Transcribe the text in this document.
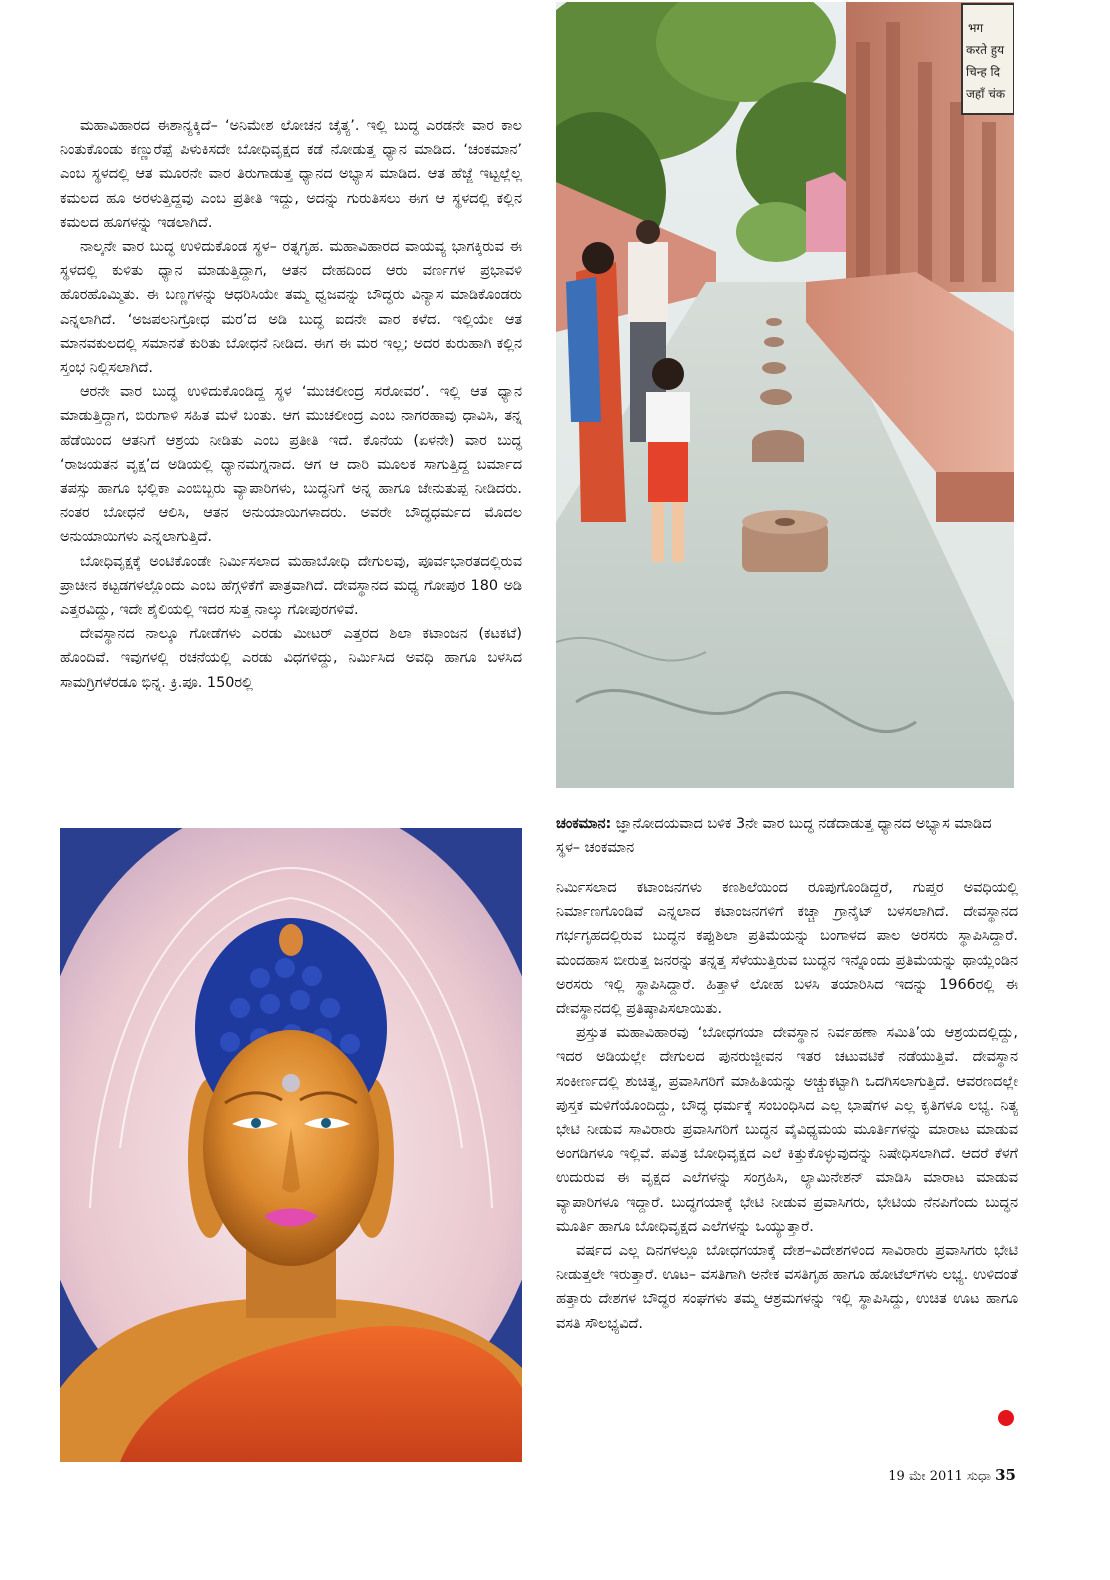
ಮಹಾವಿಹಾರದ ಈಶಾನ್ಯಕ್ಕಿದೆ– ‘ಅನಿಮೇಶ ಲೋಚನ ಚೈತ್ಯ’. ಇಲ್ಲಿ ಬುದ್ಧ ಎರಡನೇ ವಾರ ಕಾಲ ನಿಂತುಕೊಂಡು ಕಣ್ಣುರೆಪ್ಪೆ ಪಿಳುಕಿಸದೇ ಬೋಧಿವೃಕ್ಷದ ಕಡೆ ನೋಡುತ್ತ ಧ್ಯಾನ ಮಾಡಿದ. ‘ಚಂಕಮಾನ’ ಎಂಬ ಸ್ಥಳದಲ್ಲಿ ಆತ ಮೂರನೇ ವಾರ ತಿರುಗಾಡುತ್ತ ಧ್ಯಾನದ ಅಭ್ಯಾಸ ಮಾಡಿದ. ಆತ ಹೆಜ್ಜೆ ಇಟ್ಟಲ್ಲೆಲ್ಲ ಕಮಲದ ಹೂ ಅರಳುತ್ತಿದ್ದವು ಎಂಬ ಪ್ರತೀತಿ ಇದ್ದು, ಅದನ್ನು ಗುರುತಿಸಲು ಈಗ ಆ ಸ್ಥಳದಲ್ಲಿ ಕಲ್ಲಿನ ಕಮಲದ ಹೂಗಳನ್ನು ಇಡಲಾಗಿದೆ.

ನಾಲ್ಕನೇ ವಾರ ಬುದ್ಧ ಉಳಿದುಕೊಂಡ ಸ್ಥಳ– ರತ್ನಗೃಹ. ಮಹಾವಿಹಾರದ ವಾಯವ್ಯ ಭಾಗಕ್ಕಿರುವ ಈ ಸ್ಥಳದಲ್ಲಿ ಕುಳಿತು ಧ್ಯಾನ ಮಾಡುತ್ತಿದ್ದಾಗ, ಆತನ ದೇಹದಿಂದ ಆರು ವರ್ಣಗಳ ಪ್ರಭಾವಳಿ ಹೊರಹೊಮ್ಮಿತು. ಈ ಬಣ್ಣಗಳನ್ನು ಆಧರಿಸಿಯೇ ತಮ್ಮ ಧ್ವಜವನ್ನು ಬೌದ್ಧರು ವಿನ್ಯಾಸ ಮಾಡಿಕೊಂಡರು ಎನ್ನಲಾಗಿದೆ. ‘ಅಜಪಲನಿಗ್ರೋಧ ಮರ’ದ ಅಡಿ ಬುದ್ಧ ಐದನೇ ವಾರ ಕಳೆದ. ಇಲ್ಲಿಯೇ ಆತ ಮಾನವಕುಲದಲ್ಲಿ ಸಮಾನತೆ ಕುರಿತು ಬೋಧನೆ ನೀಡಿದ. ಈಗ ಈ ಮರ ಇಲ್ಲ; ಅದರ ಕುರುಹಾಗಿ ಕಲ್ಲಿನ ಸ್ತಂಭ ನಿಲ್ಲಿಸಲಾಗಿದೆ.

ಆರನೇ ವಾರ ಬುದ್ಧ ಉಳಿದುಕೊಂಡಿದ್ದ ಸ್ಥಳ ‘ಮುಚಲೀಂದ್ರ ಸರೋವರ’. ಇಲ್ಲಿ ಆತ ಧ್ಯಾನ ಮಾಡುತ್ತಿದ್ದಾಗ, ಬಿರುಗಾಳಿ ಸಹಿತ ಮಳೆ ಬಂತು. ಆಗ ಮುಚಲೀಂದ್ರ ಎಂಬ ನಾಗರಹಾವು ಧಾವಿಸಿ, ತನ್ನ ಹೆಡೆಯಿಂದ ಆತನಿಗೆ ಆಶ್ರಯ ನೀಡಿತು ಎಂಬ ಪ್ರತೀತಿ ಇದೆ. ಕೊನೆಯ (ಏಳನೇ) ವಾರ ಬುದ್ಧ ‘ರಾಜಯತನ ವೃಕ್ಷ’ದ ಅಡಿಯಲ್ಲಿ ಧ್ಯಾನಮಗ್ನನಾದ. ಆಗ ಆ ದಾರಿ ಮೂಲಕ ಸಾಗುತ್ತಿದ್ದ ಬರ್ಮಾದ ತಪಸ್ಸು ಹಾಗೂ ಭಲ್ಲಿಕಾ ಎಂಬಿಬ್ಬರು ವ್ಯಾಪಾರಿಗಳು, ಬುದ್ಧನಿಗೆ ಅನ್ನ ಹಾಗೂ ಜೇನುತುಪ್ಪ ನೀಡಿದರು. ನಂತರ ಬೋಧನೆ ಆಲಿಸಿ, ಆತನ ಅನುಯಾಯಿಗಳಾದರು. ಅವರೇ ಬೌದ್ಧಧರ್ಮದ ಮೊದಲ ಅನುಯಾಯಿಗಳು ಎನ್ನಲಾಗುತ್ತಿದೆ.

ಬೋಧಿವೃಕ್ಷಕ್ಕೆ ಅಂಟಿಕೊಂಡೇ ನಿರ್ಮಿಸಲಾದ ಮಹಾಬೋಧಿ ದೇಗುಲವು, ಪೂರ್ವಭಾರತದಲ್ಲಿರುವ ಪ್ರಾಚೀನ ಕಟ್ಟಡಗಳಲ್ಲೊಂದು ಎಂಬ ಹೆಗ್ಗಳಿಕೆಗೆ ಪಾತ್ರವಾಗಿದೆ. ದೇವಸ್ಥಾನದ ಮಧ್ಯ ಗೋಪುರ 180 ಅಡಿ ಎತ್ತರವಿದ್ದು, ಇದೇ ಶೈಲಿಯಲ್ಲಿ ಇದರ ಸುತ್ತ ನಾಲ್ಕು ಗೋಪುರಗಳಿವೆ.

ದೇವಸ್ಥಾನದ ನಾಲ್ಕೂ ಗೋಡೆಗಳು ಎರಡು ಮೀಟರ್ ಎತ್ತರದ ಶಿಲಾ ಕಟಾಂಜನ (ಕಟಕಟೆ) ಹೊಂದಿವೆ. ಇವುಗಳಲ್ಲಿ ರಚನೆಯಲ್ಲಿ ಎರಡು ವಿಧಗಳಿದ್ದು, ನಿರ್ಮಿಸಿದ ಅವಧಿ ಹಾಗೂ ಬಳಸಿದ ಸಾಮಗ್ರಿಗಳೆರಡೂ ಭಿನ್ನ. ಕ್ರಿ.ಪೂ. 150ರಲ್ಲಿ

भग
करते हुय
चिन्ह दि
जहाँ चंक
ಚಂಕಮಾನ: ಜ್ಞಾನೋದಯವಾದ ಬಳಿಕ 3ನೇ ವಾರ ಬುದ್ಧ ನಡೆದಾಡುತ್ತ ಧ್ಯಾನದ ಅಭ್ಯಾಸ ಮಾಡಿದ ಸ್ಥಳ– ಚಂಕಮಾನ

ನಿರ್ಮಿಸಲಾದ ಕಟಾಂಜನಗಳು ಕಣಶಿಲೆಯಿಂದ ರೂಪುಗೊಂಡಿದ್ದರೆ, ಗುಪ್ತರ ಅವಧಿಯಲ್ಲಿ ನಿರ್ಮಾಣಗೊಂಡಿವೆ ಎನ್ನಲಾದ ಕಟಾಂಜನಗಳಿಗೆ ಕಚ್ಚಾ ಗ್ರಾನೈಟ್ ಬಳಸಲಾಗಿದೆ. ದೇವಸ್ಥಾನದ ಗರ್ಭಗೃಹದಲ್ಲಿರುವ ಬುದ್ಧನ ಕಪ್ಪುಶಿಲಾ ಪ್ರತಿಮೆಯನ್ನು ಬಂಗಾಳದ ಪಾಲ ಅರಸರು ಸ್ಥಾಪಿಸಿದ್ದಾರೆ. ಮಂದಹಾಸ ಬೀರುತ್ತ ಜನರನ್ನು ತನ್ನತ್ತ ಸೆಳೆಯುತ್ತಿರುವ ಬುದ್ಧನ ಇನ್ನೊಂದು ಪ್ರತಿಮೆಯನ್ನು ಥಾಯ್ಲೆಂಡಿನ ಅರಸರು ಇಲ್ಲಿ ಸ್ಥಾಪಿಸಿದ್ದಾರೆ. ಹಿತ್ತಾಳೆ ಲೋಹ ಬಳಸಿ ತಯಾರಿಸಿದ ಇದನ್ನು 1966ರಲ್ಲಿ ಈ ದೇವಸ್ಥಾನದಲ್ಲಿ ಪ್ರತಿಷ್ಠಾಪಿಸಲಾಯಿತು.

ಪ್ರಸ್ತುತ ಮಹಾವಿಹಾರವು ‘ಬೋಧಗಯಾ ದೇವಸ್ಥಾನ ನಿರ್ವಹಣಾ ಸಮಿತಿ’ಯ ಆಶ್ರಯದಲ್ಲಿದ್ದು, ಇದರ ಅಡಿಯಲ್ಲೇ ದೇಗುಲದ ಪುನರುಜ್ಜೀವನ ಇತರ ಚಟುವಟಿಕೆ ನಡೆಯುತ್ತಿವೆ. ದೇವಸ್ಥಾನ ಸಂಕೀರ್ಣದಲ್ಲಿ ಶುಚಿತ್ವ, ಪ್ರವಾಸಿಗರಿಗೆ ಮಾಹಿತಿಯನ್ನು ಅಚ್ಚುಕಟ್ಟಾಗಿ ಒದಗಿಸಲಾಗುತ್ತಿದೆ. ಆವರಣದಲ್ಲೇ ಪುಸ್ತಕ ಮಳಿಗೆಯೊಂದಿದ್ದು, ಬೌದ್ಧ ಧರ್ಮಕ್ಕೆ ಸಂಬಂಧಿಸಿದ ಎಲ್ಲ ಭಾಷೆಗಳ ಎಲ್ಲ ಕೃತಿಗಳೂ ಲಭ್ಯ. ನಿತ್ಯ ಭೇಟಿ ನೀಡುವ ಸಾವಿರಾರು ಪ್ರವಾಸಿಗರಿಗೆ ಬುದ್ಧನ ವೈವಿಧ್ಯಮಯ ಮೂರ್ತಿಗಳನ್ನು ಮಾರಾಟ ಮಾಡುವ ಅಂಗಡಿಗಳೂ ಇಲ್ಲಿವೆ. ಪವಿತ್ರ ಬೋಧಿವೃಕ್ಷದ ಎಲೆ ಕಿತ್ತುಕೊಳ್ಳುವುದನ್ನು ನಿಷೇಧಿಸಲಾಗಿದೆ. ಆದರೆ ಕೆಳಗೆ ಉದುರುವ ಈ ವೃಕ್ಷದ ಎಲೆಗಳನ್ನು ಸಂಗ್ರಹಿಸಿ, ಲ್ಯಾಮಿನೇಶನ್ ಮಾಡಿಸಿ ಮಾರಾಟ ಮಾಡುವ ವ್ಯಾಪಾರಿಗಳೂ ಇದ್ದಾರೆ. ಬುದ್ಧಗಯಾಕ್ಕೆ ಭೇಟಿ ನೀಡುವ ಪ್ರವಾಸಿಗರು, ಭೇಟಿಯ ನೆನಪಿಗೆಂದು ಬುದ್ಧನ ಮೂರ್ತಿ ಹಾಗೂ ಬೋಧಿವೃಕ್ಷದ ಎಲೆಗಳನ್ನು ಒಯ್ಯುತ್ತಾರೆ.

ವರ್ಷದ ಎಲ್ಲ ದಿನಗಳಲ್ಲೂ ಬೋಧಗಯಾಕ್ಕೆ ದೇಶ–ವಿದೇಶಗಳಿಂದ ಸಾವಿರಾರು ಪ್ರವಾಸಿಗರು ಭೇಟಿ ನೀಡುತ್ತಲೇ ಇರುತ್ತಾರೆ. ಊಟ– ವಸತಿಗಾಗಿ ಅನೇಕ ವಸತಿಗೃಹ ಹಾಗೂ ಹೋಟೆಲ್‌ಗಳು ಲಭ್ಯ. ಉಳಿದಂತೆ ಹತ್ತಾರು ದೇಶಗಳ ಬೌದ್ಧರ ಸಂಘಗಳು ತಮ್ಮ ಆಶ್ರಮಗಳನ್ನು ಇಲ್ಲಿ ಸ್ಥಾಪಿಸಿದ್ದು, ಉಚಿತ ಊಟ ಹಾಗೂ ವಸತಿ ಸೌಲಭ್ಯವಿದೆ.

19 ಮೇ 2011 ಸುಧಾ 35
